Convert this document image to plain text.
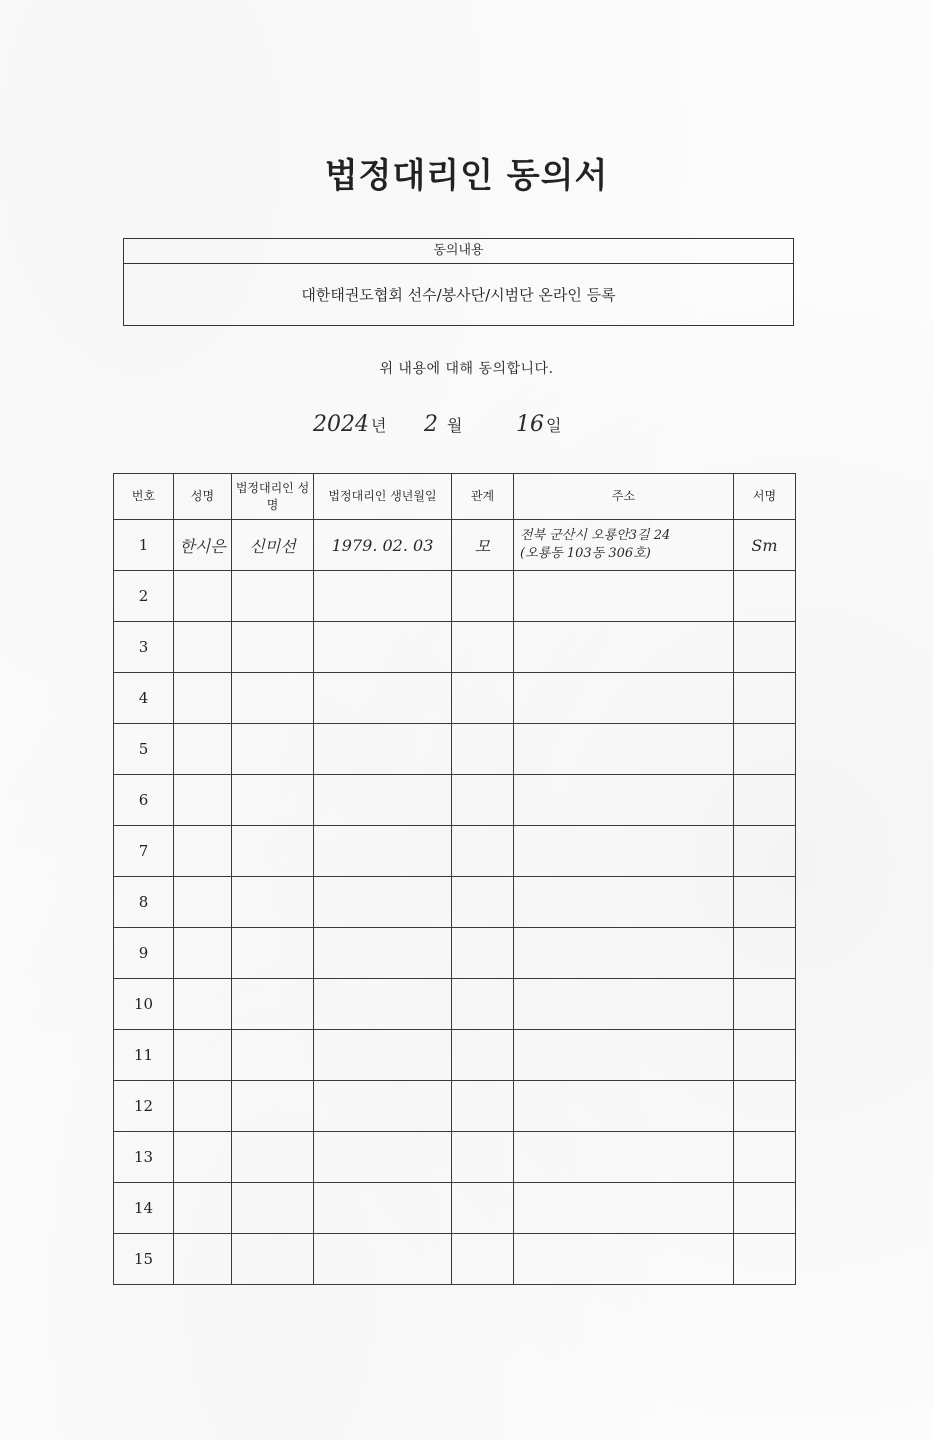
법정대리인 동의서
동의내용
대한태권도협회 선수/봉사단/시범단 온라인 등록
위 내용에 대해 동의합니다.
2024 년 2 월 16 일
번호	성명	법정대리인 성명	법정대리인 생년월일	관계	주소	서명
1	한시은	신미선	1979. 02. 03	모	전북 군산시 오룡안3길 24
(오룡동 103동 306호)	Sm
2						
3						
4						
5						
6						
7						
8						
9						
10						
11						
12						
13						
14						
15						
